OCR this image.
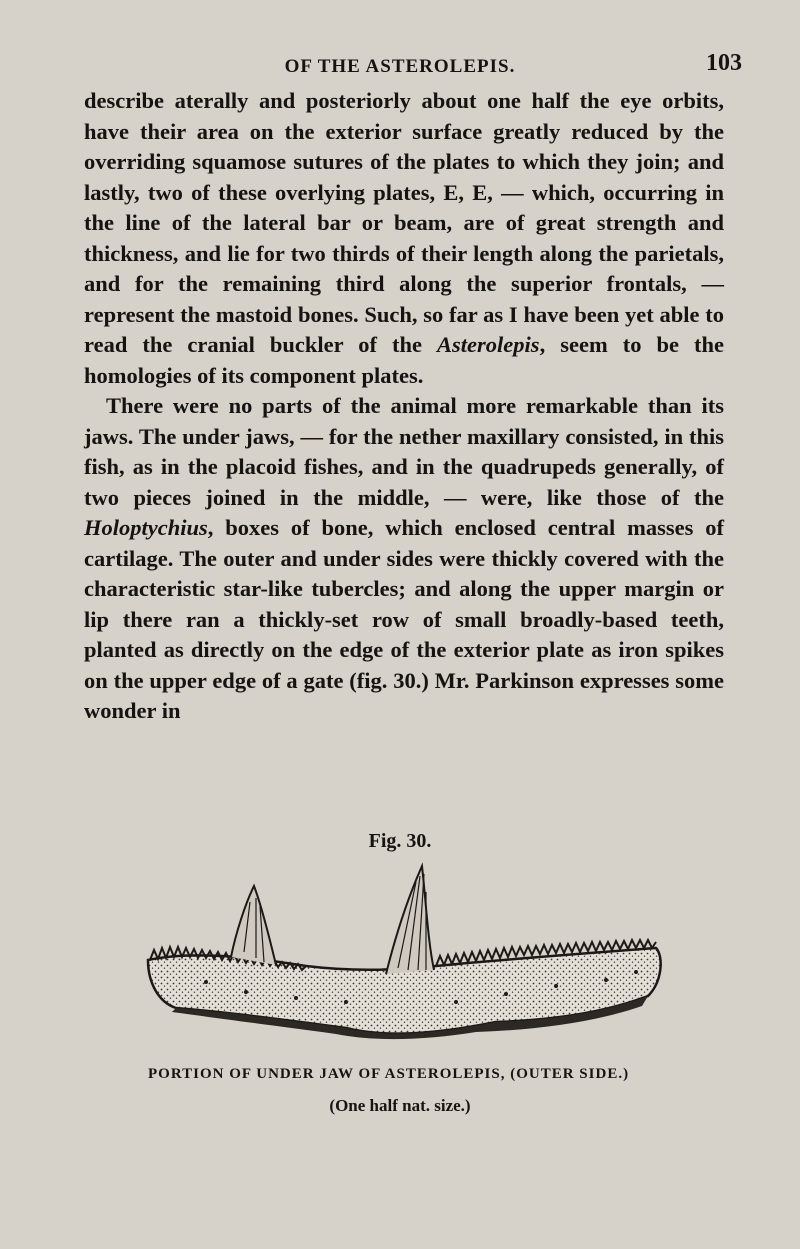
OF THE ASTEROLEPIS.	103

describe aterally and posteriorly about one half the eye orbits, have their area on the exterior surface greatly reduced by the overriding squamose sutures of the plates to which they join; and lastly, two of these overlying plates, E, E, — which, occurring in the line of the lateral bar or beam, are of great strength and thickness, and lie for two thirds of their length along the parietals, and for the remaining third along the superior frontals, — represent the mastoid bones. Such, so far as I have been yet able to read the cranial buckler of the Asterolepis, seem to be the homologies of its component plates.

There were no parts of the animal more remarkable than its jaws. The under jaws, — for the nether maxillary consisted, in this fish, as in the placoid fishes, and in the quadrupeds generally, of two pieces joined in the middle, — were, like those of the Holoptychius, boxes of bone, which enclosed central masses of cartilage. The outer and under sides were thickly covered with the characteristic star-like tubercles; and along the upper margin or lip there ran a thickly-set row of small broadly-based teeth, planted as directly on the edge of the exterior plate as iron spikes on the upper edge of a gate (fig. 30.) Mr. Parkinson expresses some wonder in

Fig. 30.
PORTION OF UNDER JAW OF ASTEROLEPIS, (OUTER SIDE.)
(One half nat. size.)
